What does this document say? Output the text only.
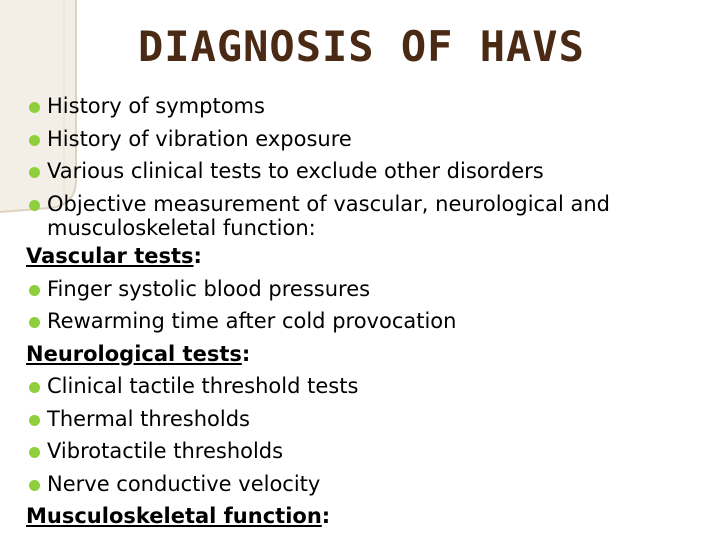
DIAGNOSIS OF HAVS
History of symptoms
History of vibration exposure
Various clinical tests to exclude other disorders
Objective measurement of vascular, neurological and
musculoskeletal function:
Vascular tests:
Finger systolic blood pressures
Rewarming time after cold provocation
Neurological tests:
Clinical tactile threshold tests
Thermal thresholds
Vibrotactile thresholds
Nerve conductive velocity
Musculoskeletal function:
